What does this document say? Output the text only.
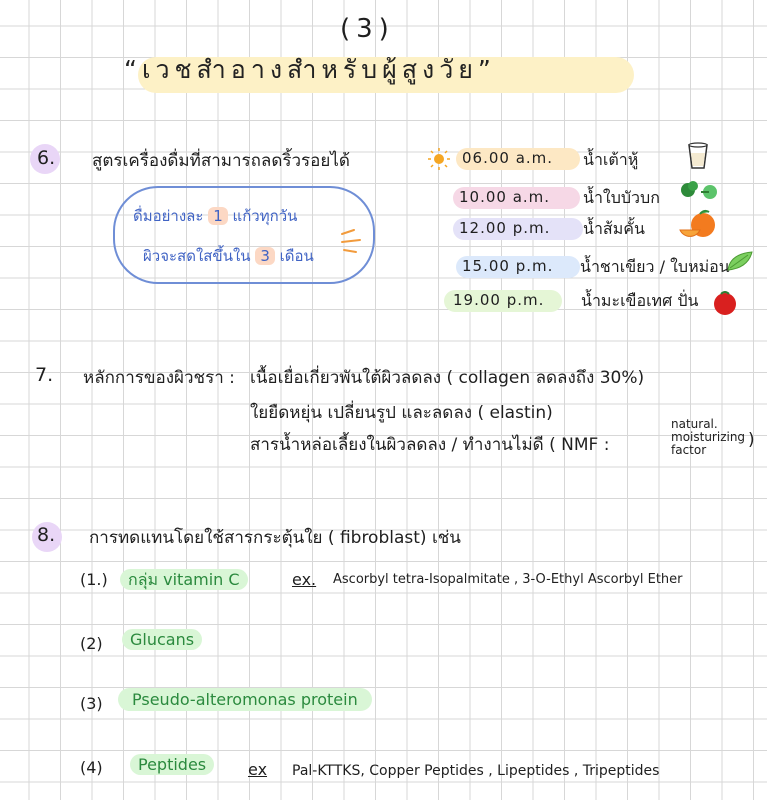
(3)
“เวชสำอางสำหรับผู้สูงวัย”
6. สูตรเครื่องดื่มที่สามารถลดริ้วรอยได้
ดื่มอย่างละ 1 แก้วทุกวัน
ผิวจะสดใสขึ้นใน 3 เดือน
06.00 a.m. น้ำเต้าหู้
10.00 a.m. น้ำใบบัวบก
12.00 p.m. น้ำส้มคั้น
15.00 p.m. น้ำชาเขียว / ใบหม่อน
19.00 p.m. น้ำมะเขือเทศ ปั่น
7. หลักการของผิวชรา : เนื้อเยื่อเกี่ยวพันใต้ผิวลดลง ( collagen ลดลงถึง 30%)
ใยยืดหยุ่น เปลี่ยนรูป และลดลง ( elastin)
สารน้ำหล่อเลี้ยงในผิวลดลง / ทำงานไม่ดี ( NMF :
natural.
moisturizing
factor )
8. การทดแทนโดยใช้สารกระตุ้นใย ( fibroblast) เช่น
(1.)	กลุ่ม vitamin C	ex. Ascorbyl tetra-Isopalmitate , 3-O-Ethyl Ascorbyl Ether
(2)	Glucans
(3)	Pseudo-alteromonas protein
(4)	Peptides	ex Pal-KTTKS, Copper Peptides , Lipeptides , Tripeptides
